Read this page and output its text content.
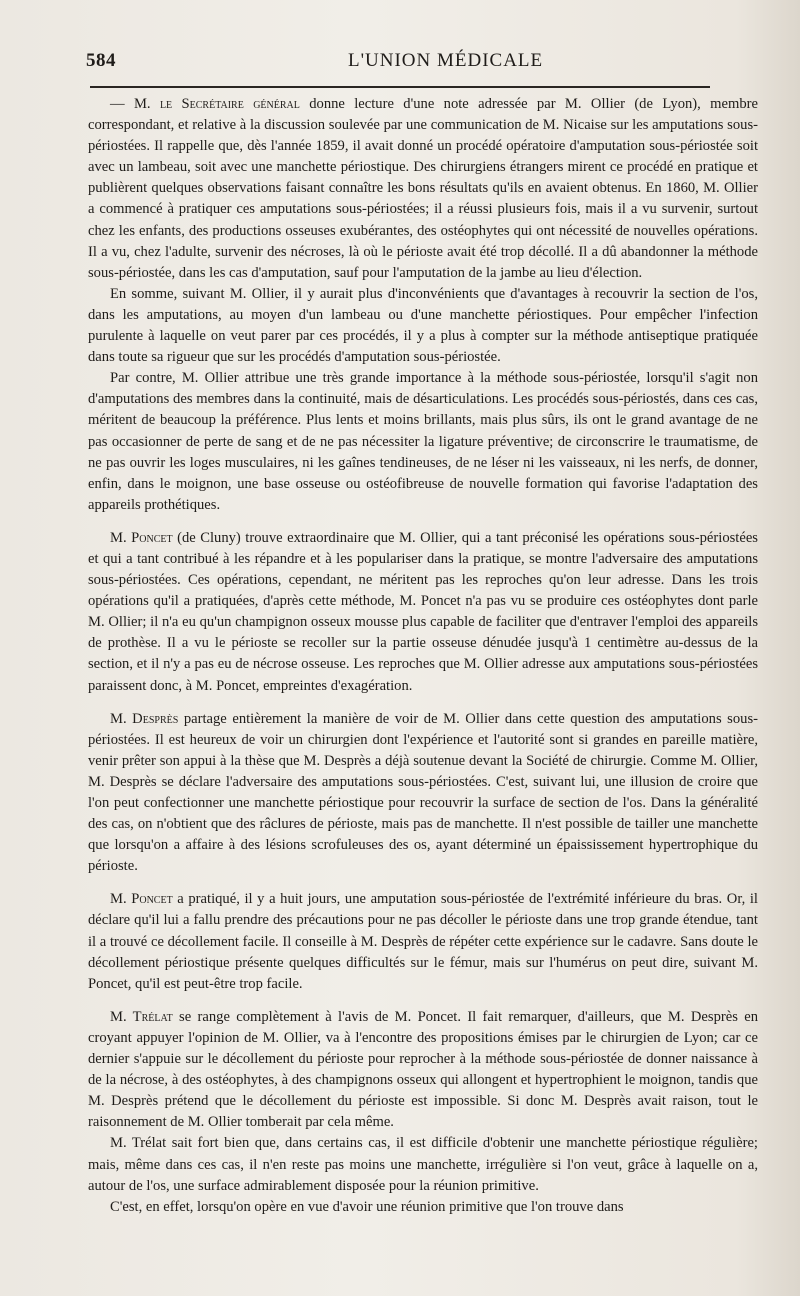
584	L'UNION MÉDICALE

— M. le Secrétaire général donne lecture d'une note adressée par M. Ollier (de Lyon), membre correspondant, et relative à la discussion soulevée par une communication de M. Nicaise sur les amputations sous-périostées. Il rappelle que, dès l'année 1859, il avait donné un procédé opératoire d'amputation sous-périostée soit avec un lambeau, soit avec une manchette périostique. Des chirurgiens étrangers mirent ce procédé en pratique et publièrent quelques observations faisant connaître les bons résultats qu'ils en avaient obtenus. En 1860, M. Ollier a commencé à pratiquer ces amputations sous-périostées; il a réussi plusieurs fois, mais il a vu survenir, surtout chez les enfants, des productions osseuses exubérantes, des ostéophytes qui ont nécessité de nouvelles opérations. Il a vu, chez l'adulte, survenir des nécroses, là où le périoste avait été trop décollé. Il a dû abandonner la méthode sous-périostée, dans les cas d'amputation, sauf pour l'amputation de la jambe au lieu d'élection.

En somme, suivant M. Ollier, il y aurait plus d'inconvénients que d'avantages à recouvrir la section de l'os, dans les amputations, au moyen d'un lambeau ou d'une manchette périostiques. Pour empêcher l'infection purulente à laquelle on veut parer par ces procédés, il y a plus à compter sur la méthode antiseptique pratiquée dans toute sa rigueur que sur les procédés d'amputation sous-périostée.

Par contre, M. Ollier attribue une très grande importance à la méthode sous-périostée, lorsqu'il s'agit non d'amputations des membres dans la continuité, mais de désarticulations. Les procédés sous-périostés, dans ces cas, méritent de beaucoup la préférence. Plus lents et moins brillants, mais plus sûrs, ils ont le grand avantage de ne pas occasionner de perte de sang et de ne pas nécessiter la ligature préventive; de circonscrire le traumatisme, de ne pas ouvrir les loges musculaires, ni les gaînes tendineuses, de ne léser ni les vaisseaux, ni les nerfs, de donner, enfin, dans le moignon, une base osseuse ou ostéofibreuse de nouvelle formation qui favorise l'adaptation des appareils prothétiques.

M. Poncet (de Cluny) trouve extraordinaire que M. Ollier, qui a tant préconisé les opérations sous-périostées et qui a tant contribué à les répandre et à les populariser dans la pratique, se montre l'adversaire des amputations sous-périostées. Ces opérations, cependant, ne méritent pas les reproches qu'on leur adresse. Dans les trois opérations qu'il a pratiquées, d'après cette méthode, M. Poncet n'a pas vu se produire ces ostéophytes dont parle M. Ollier; il n'a eu qu'un champignon osseux mousse plus capable de faciliter que d'entraver l'emploi des appareils de prothèse. Il a vu le périoste se recoller sur la partie osseuse dénudée jusqu'à 1 centimètre au-dessus de la section, et il n'y a pas eu de nécrose osseuse. Les reproches que M. Ollier adresse aux amputations sous-périostées paraissent donc, à M. Poncet, empreintes d'exagération.

M. Desprès partage entièrement la manière de voir de M. Ollier dans cette question des amputations sous-périostées. Il est heureux de voir un chirurgien dont l'expérience et l'autorité sont si grandes en pareille matière, venir prêter son appui à la thèse que M. Desprès a déjà soutenue devant la Société de chirurgie. Comme M. Ollier, M. Desprès se déclare l'adversaire des amputations sous-périostées. C'est, suivant lui, une illusion de croire que l'on peut confectionner une manchette périostique pour recouvrir la surface de section de l'os. Dans la généralité des cas, on n'obtient que des râclures de périoste, mais pas de manchette. Il n'est possible de tailler une manchette que lorsqu'on a affaire à des lésions scrofuleuses des os, ayant déterminé un épaississement hypertrophique du périoste.

M. Poncet a pratiqué, il y a huit jours, une amputation sous-périostée de l'extrémité inférieure du bras. Or, il déclare qu'il lui a fallu prendre des précautions pour ne pas décoller le périoste dans une trop grande étendue, tant il a trouvé ce décollement facile. Il conseille à M. Desprès de répéter cette expérience sur le cadavre. Sans doute le décollement périostique présente quelques difficultés sur le fémur, mais sur l'humérus on peut dire, suivant M. Poncet, qu'il est peut-être trop facile.

M. Trélat se range complètement à l'avis de M. Poncet. Il fait remarquer, d'ailleurs, que M. Desprès en croyant appuyer l'opinion de M. Ollier, va à l'encontre des propositions émises par le chirurgien de Lyon; car ce dernier s'appuie sur le décollement du périoste pour reprocher à la méthode sous-périostée de donner naissance à de la nécrose, à des ostéophytes, à des champignons osseux qui allongent et hypertrophient le moignon, tandis que M. Desprès prétend que le décollement du périoste est impossible. Si donc M. Desprès avait raison, tout le raisonnement de M. Ollier tomberait par cela même.

M. Trélat sait fort bien que, dans certains cas, il est difficile d'obtenir une manchette périostique régulière; mais, même dans ces cas, il n'en reste pas moins une manchette, irrégulière si l'on veut, grâce à laquelle on a, autour de l'os, une surface admirablement disposée pour la réunion primitive.

C'est, en effet, lorsqu'on opère en vue d'avoir une réunion primitive que l'on trouve dans
